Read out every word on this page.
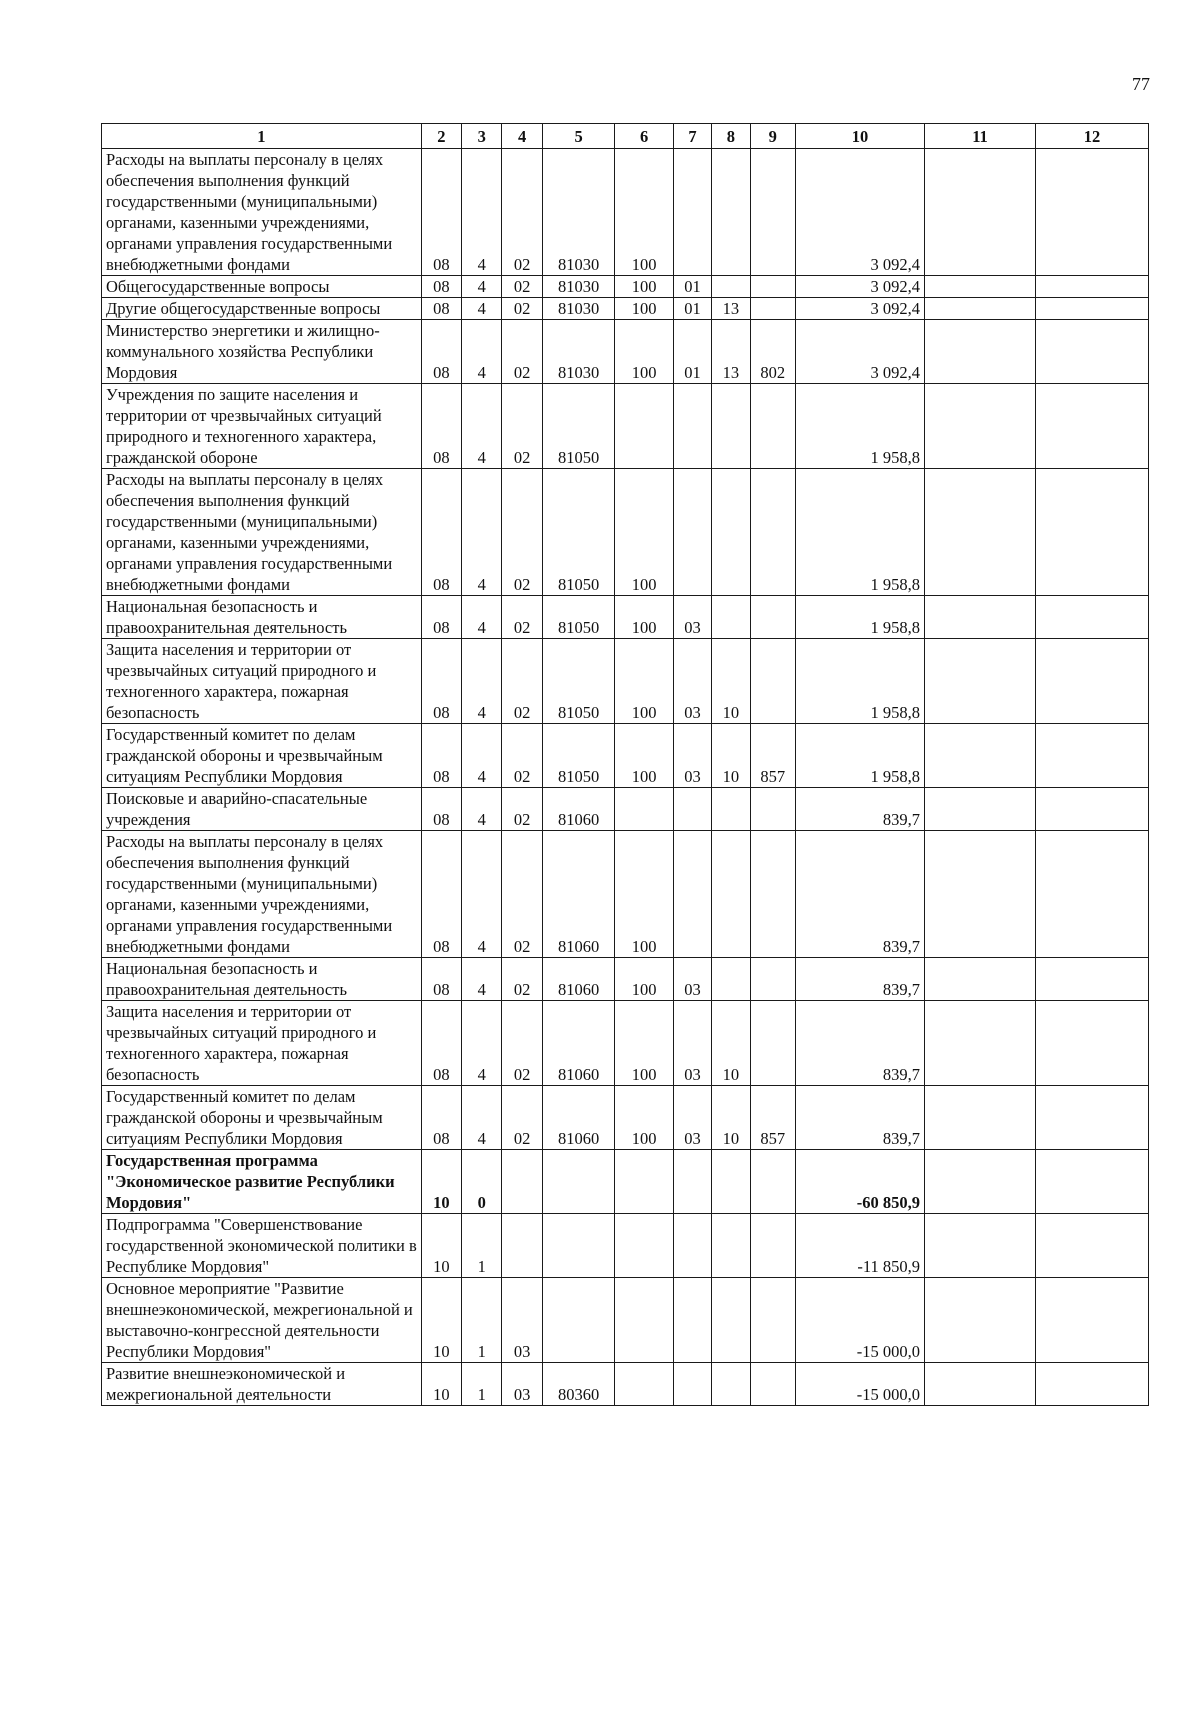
77
1	2	3	4	5	6	7	8	9	10	11	12
Расходы на выплаты персоналу в целях обеспечения выполнения функций государственными (муниципальными) органами, казенными учреждениями, органами управления государственными внебюджетными фондами	08	4	02	81030	100				3 092,4		
Общегосударственные вопросы	08	4	02	81030	100	01			3 092,4		
Другие общегосударственные вопросы	08	4	02	81030	100	01	13		3 092,4		
Министерство энергетики и жилищно-коммунального хозяйства Республики Мордовия	08	4	02	81030	100	01	13	802	3 092,4		
Учреждения по защите населения и территории от чрезвычайных ситуаций природного и техногенного характера, гражданской обороне	08	4	02	81050					1 958,8		
Расходы на выплаты персоналу в целях обеспечения выполнения функций государственными (муниципальными) органами, казенными учреждениями, органами управления государственными внебюджетными фондами	08	4	02	81050	100				1 958,8		
Национальная безопасность и правоохранительная деятельность	08	4	02	81050	100	03			1 958,8		
Защита населения и территории от чрезвычайных ситуаций природного и техногенного характера, пожарная безопасность	08	4	02	81050	100	03	10		1 958,8		
Государственный комитет по делам гражданской обороны и чрезвычайным ситуациям Республики Мордовия	08	4	02	81050	100	03	10	857	1 958,8		
Поисковые и аварийно-спасательные учреждения	08	4	02	81060					839,7		
Расходы на выплаты персоналу в целях обеспечения выполнения функций государственными (муниципальными) органами, казенными учреждениями, органами управления государственными внебюджетными фондами	08	4	02	81060	100				839,7		
Национальная безопасность и правоохранительная деятельность	08	4	02	81060	100	03			839,7		
Защита населения и территории от чрезвычайных ситуаций природного и техногенного характера, пожарная безопасность	08	4	02	81060	100	03	10		839,7		
Государственный комитет по делам гражданской обороны и чрезвычайным ситуациям Республики Мордовия	08	4	02	81060	100	03	10	857	839,7		
Государственная программа "Экономическое развитие Республики Мордовия"	10	0							-60 850,9		
Подпрограмма "Совершенствование государственной экономической политики в Республике Мордовия"	10	1							-11 850,9		
Основное мероприятие "Развитие внешнеэкономической, межрегиональной и выставочно-конгрессной деятельности Республики Мордовия"	10	1	03						-15 000,0		
Развитие внешнеэкономической и межрегиональной деятельности	10	1	03	80360					-15 000,0		
